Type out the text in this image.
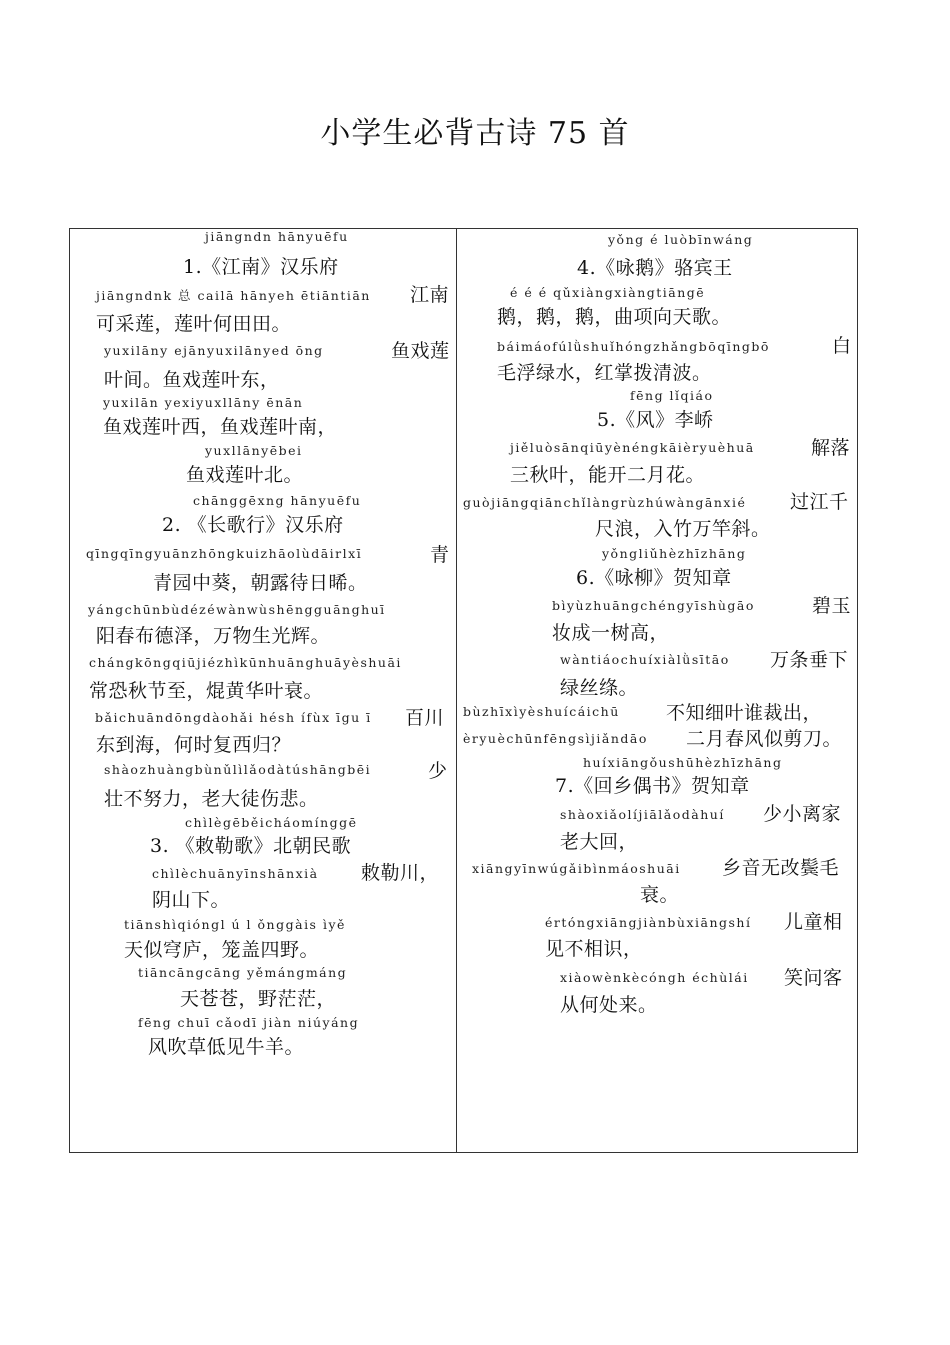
小学生必背古诗 75 首
jiāngndn hānyuēfu
1.《江南》汉乐府
jiāngndnk 总 cailā hānyeh ētiāntiān 江南
可采莲，莲叶何田田。
yuxilāny ejānyuxilānyed ōng	鱼戏莲
叶间。鱼戏莲叶东，
yuxilān yexiyuxllāny ēnān
鱼戏莲叶西，鱼戏莲叶南，
yuxllānyēbei
鱼戏莲叶北。
chānggēxng hānyuēfu
2. 《长歌行》汉乐府
qīngqīngyuānzhōngkuizhāolùdāirlxī	青
青园中葵，朝露待日晞。
yángchūnbùdézéwànwùshēngguānghuī
阳春布德泽，万物生光辉。
chángkōngqiūjiézhìkūnhuānghuāyèshuāi
常恐秋节至，焜黄华叶衰。
bǎichuāndōngdàohǎi hésh ífùx īgu ī 百川
东到海，何时复西归？
shàozhuàngbùnǔlìlǎodàtúshāngbēi	少
壮不努力，老大徒伤悲。
chìlègēběicháomínggē
3. 《敕勒歌》北朝民歌
chìlèchuānyīnshānxià 敕勒川，
阴山下。
tiānshìqióngl ú l ǒnggàis ìyě
天似穹庐，笼盖四野。
tiāncāngcāng yěmángmáng
天苍苍，野茫茫，
fēng chuī cǎodī jiàn niúyáng
风吹草低见牛羊。
yǒng é luòbīnwáng
4.《咏鹅》骆宾王
é é é qǔxiàngxiàngtiāngē
鹅，鹅，鹅，曲项向天歌。
báimáofúlǜshuǐhóngzhǎngbōqīngbō	白
毛浮绿水，红掌拨清波。
fēng lǐqiáo
5.《风》李峤
jiěluòsānqiūyènéngkāièryuèhuā	解落
三秋叶，能开二月花。
guòjiāngqiānchǐlàngrùzhúwàngānxié 过江千
尺浪，入竹万竿斜。
yǒngliǔhèzhīzhāng
6.《咏柳》贺知章
bìyùzhuāngchéngyīshùgāo	碧玉
妆成一树高，
wàntiáochuíxiàlǜsītāo 万条垂下
绿丝绦。
bùzhīxìyèshuícáichū 不知细叶谁裁出，
èryuèchūnfēngsìjiǎndāo 二月春风似剪刀。
huíxiāngǒushūhèzhīzhāng
7.《回乡偶书》贺知章
shàoxiǎolíjiālǎodàhuí 少小离家
老大回，
xiāngyīnwúgǎibìnmáoshuāi 乡音无改鬓毛
衰。
értóngxiāngjiànbùxiāngshí 儿童相
见不相识，
xiàowènkècóngh échùlái 笑问客
从何处来。
